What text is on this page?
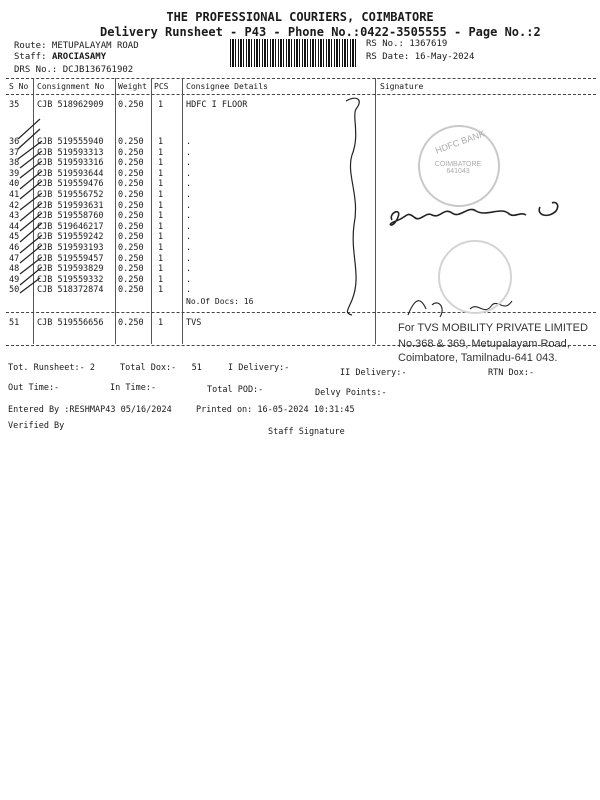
THE PROFESSIONAL COURIERS, COIMBATORE
Delivery Runsheet - P43 - Phone No.:0422-3505555 - Page No.:2
Route: METUPALAYAM ROAD
Staff: AROCIASAMY
DRS No.: DCJB136761902
RS No.: 1367619
RS Date: 16-May-2024
S No Consignment No Weight PCS Consignee Details	Signature
35 CJB 518962909 0.250 1	HDFC I FLOOR
36 CJB 519555940 0.250 1	.
37 CJB 519593313 0.250 1	.
38 CJB 519593316 0.250 1	.
39 CJB 519593644 0.250 1	.
40 CJB 519559476 0.250 1	.
41 CJB 519556752 0.250 1	.
42 CJB 519593631 0.250 1	.
43 CJB 519558760 0.250 1	.
44 CJB 519646217 0.250 1	.
45 CJB 519559242 0.250 1	.
46 CJB 519593193 0.250 1	.
47 CJB 519559457 0.250 1	.
48 CJB 519593829 0.250 1	.
49 CJB 519559332 0.250 1	.
50 CJB 518372874 0.250 1	.
No.Of Docs: 16
51 CJB 519556656 0.250 1	TVS
HDFC BANK
COIMBATORE 641043
For TVS MOBILITY PRIVATE LIMITED
No.368 & 369, Metupalayam Road,
Coimbatore, Tamilnadu-641 043.
Tot. Runsheet:- 2	Total Dox:-   51	I Delivery:-	II Delivery:-	RTN Dox:-
Out Time:-	In Time:-	Total POD:-	Delvy Points:-
Entered By :RESHMAP43 05/16/2024	Printed on: 16-05-2024 10:31:45
Verified By
Staff Signature
